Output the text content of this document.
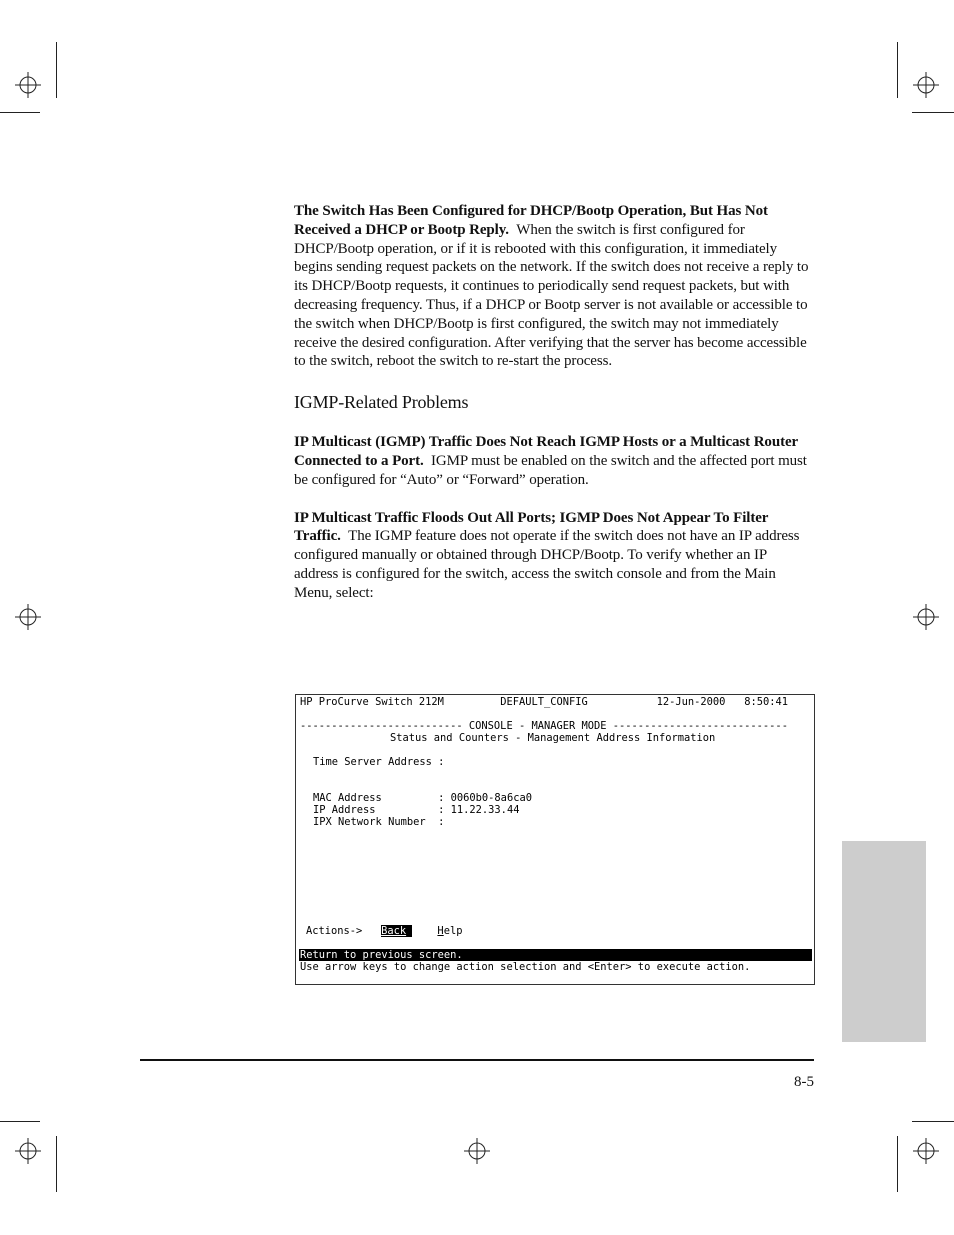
The Switch Has Been Configured for DHCP/Bootp Operation, But Has Not Received a DHCP or Bootp Reply. When the switch is first configured for DHCP/Bootp operation, or if it is rebooted with this configuration, it immediately begins sending request packets on the network. If the switch does not receive a reply to its DHCP/Bootp requests, it continues to periodically send request packets, but with decreasing frequency. Thus, if a DHCP or Bootp server is not available or accessible to the switch when DHCP/Bootp is first configured, the switch may not immediately receive the desired configuration. After verifying that the server has become accessible to the switch, reboot the switch to re-start the process.

IGMP-Related Problems

IP Multicast (IGMP) Traffic Does Not Reach IGMP Hosts or a Multicast Router Connected to a Port. IGMP must be enabled on the switch and the affected port must be configured for “Auto” or “Forward” operation.

IP Multicast Traffic Floods Out All Ports; IGMP Does Not Appear To Filter Traffic. The IGMP feature does not operate if the switch does not have an IP address configured manually or obtained through DHCP/Bootp. To verify whether an IP address is configured for the switch, access the switch console and from the Main Menu, select:

HP ProCurve Switch 212M	DEFAULT_CONFIG	12-Jun-2000 8:50:41

-------------------------- CONSOLE - MANAGER MODE ----------------------------

Status and Counters - Management Address Information

Time Server Address :

MAC Address         : 0060b0-8a6ca0

IP Address          : 11.22.33.44

IPX Network Number  :

Actions-> Back	Help

Return to previous screen.

Use arrow keys to change action selection and <Enter> to execute action.

8-5
